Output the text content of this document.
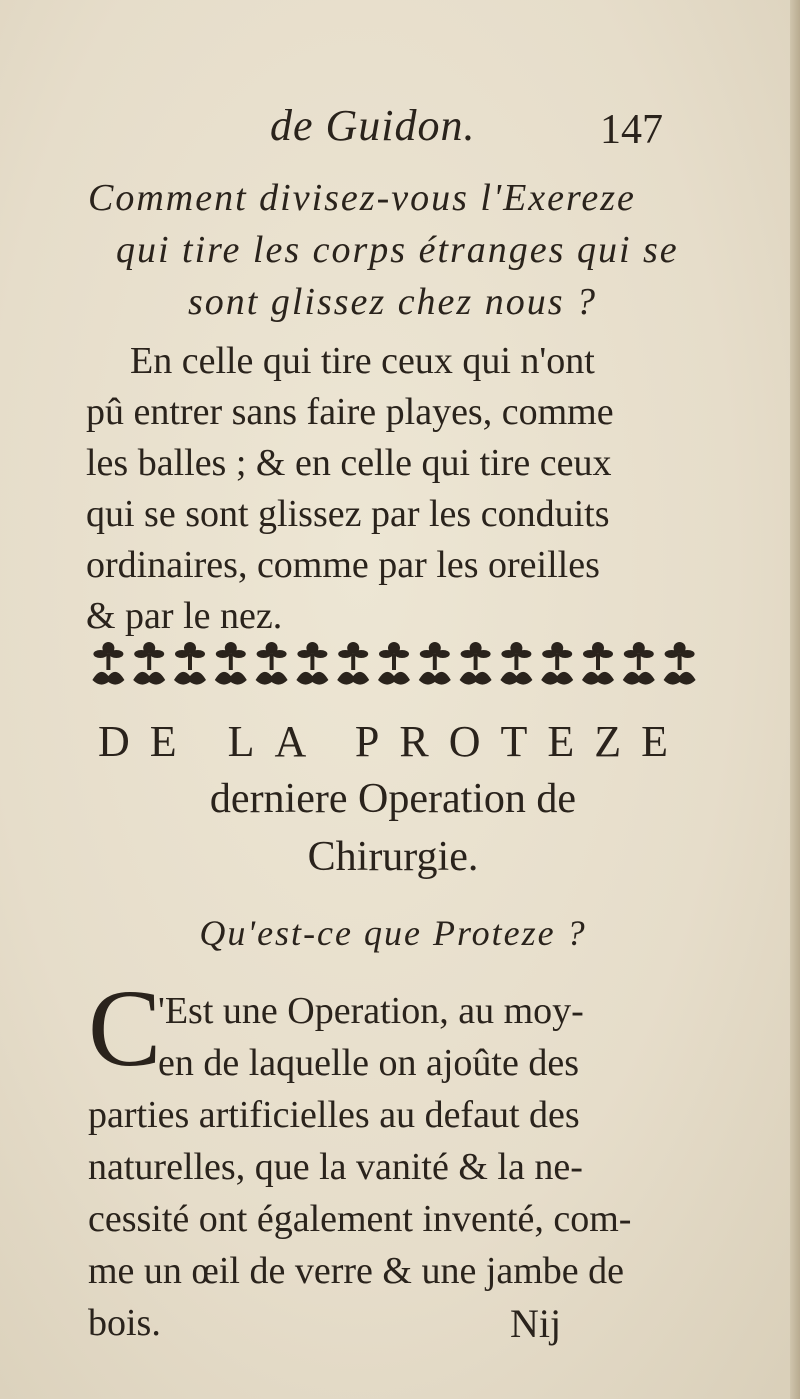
de Guidon.	147
Comment divisez-vous l'Exereze
qui tire les corps étranges qui se
sont glissez chez nous ?
En celle qui tire ceux qui n'ont
pû entrer sans faire playes, comme
les balles ; & en celle qui tire ceux
qui se sont glissez par les conduits
ordinaires, comme par les oreilles
& par le nez.
DE LA PROTEZE
derniere Operation de
Chirurgie.
Qu'est-ce que Proteze ?
C
'Est une Operation, au moy-
en de laquelle on ajoûte des
parties artificielles au defaut des
naturelles, que la vanité & la ne-
cessité ont également inventé, com-
me un œil de verre & une jambe de
bois.	Nij
